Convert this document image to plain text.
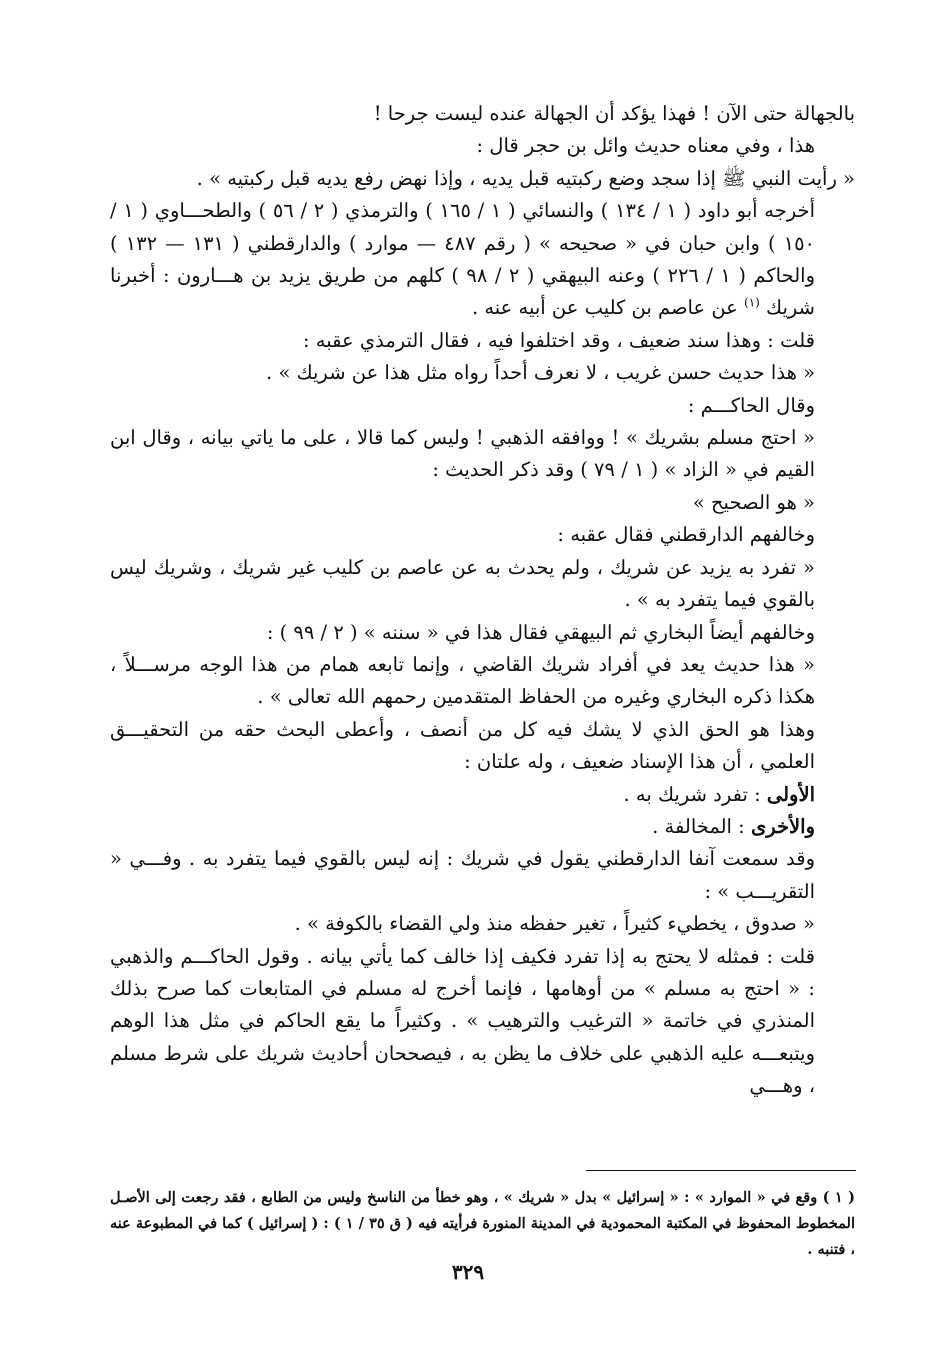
بالجهالة حتى الآن ! فهذا يؤكد أن الجهالة عنده ليست جرحا !

هذا ، وفي معناه حديث وائل بن حجر قال :

« رأيت النبي ﷺ إذا سجد وضع ركبتيه قبل يديه ، وإذا نهض رفع يديه قبل ركبتيه » .

أخرجه أبو داود ( ١ / ١٣٤ ) والنسائي ( ١ / ١٦٥ ) والترمذي ( ٢ / ٥٦ ) والطحـــاوي ( ١ / ١٥٠ ) وابن حبان في « صحيحه » ( رقم ٤٨٧ — موارد ) والدارقطني ( ١٣١ — ١٣٢ ) والحاكم ( ١ / ٢٢٦ ) وعنه البيهقي ( ٢ / ٩٨ ) كلهم من طريق يزيد بن هـــارون : أخبرنا شريك $^{(١)}$ عن عاصم بن كليب عن أبيه عنه .

قلت : وهذا سند ضعيف ، وقد اختلفوا فيه ، فقال الترمذي عقبه :

« هذا حديث حسن غريب ، لا نعرف أحداً رواه مثل هذا عن شريك » .

وقال الحاكـــم :

« احتج مسلم بشريك » ! ووافقه الذهبي ! وليس كما قالا ، على ما ياتي بيانه ، وقال ابن القيم في « الزاد » ( ١ / ٧٩ ) وقد ذكر الحديث :

« هو الصحيح »

وخالفهم الدارقطني فقال عقبه :

« تفرد به يزيد عن شريك ، ولم يحدث به عن عاصم بن كليب غير شريك ، وشريك ليس بالقوي فيما يتفرد به » .

وخالفهم أيضاً البخاري ثم البيهقي فقال هذا في « سننه » ( ٢ / ٩٩ ) :

« هذا حديث يعد في أفراد شريك القاضي ، وإنما تابعه همام من هذا الوجه مرســـلاً ، هكذا ذكره البخاري وغيره من الحفاظ المتقدمين رحمهم الله تعالى » .

وهذا هو الحق الذي لا يشك فيه كل من أنصف ، وأعطى البحث حقه من التحقيـــق العلمي ، أن هذا الإسناد ضعيف ، وله علتان :

الأولى : تفرد شريك به .

والأخرى : المخالفة .

وقد سمعت آنفا الدارقطني يقول في شريك : إنه ليس بالقوي فيما يتفرد به . وفـــي « التقريـــب » :

« صدوق ، يخطيء كثيراً ، تغير حفظه منذ ولي القضاء بالكوفة » .

قلت : فمثله لا يحتج به إذا تفرد فكيف إذا خالف كما يأتي بيانه . وقول الحاكـــم والذهبي : « احتج به مسلم » من أوهامها ، فإنما أخرج له مسلم في المتابعات كما صرح بذلك المنذري في خاتمة « الترغيب والترهيب » . وكثيراً ما يقع الحاكم في مثل هذا الوهم ويتبعـــه عليه الذهبي على خلاف ما يظن به ، فيصححان أحاديث شريك على شرط مسلم ، وهـــي

( ١ ) وقع في « الموارد » : « إسرائيل » بدل « شريك » ، وهو خطأ من الناسخ وليس من الطابع ، فقد رجعت إلى الأصـل المخطوط المحفوظ في المكتبة المحمودية في المدينة المنورة فرأيته فيه ( ق ٣٥ / ١ ) : ( إسرائيل ) كما في المطبوعة عنه ، فتنبه .

٣٢٩
